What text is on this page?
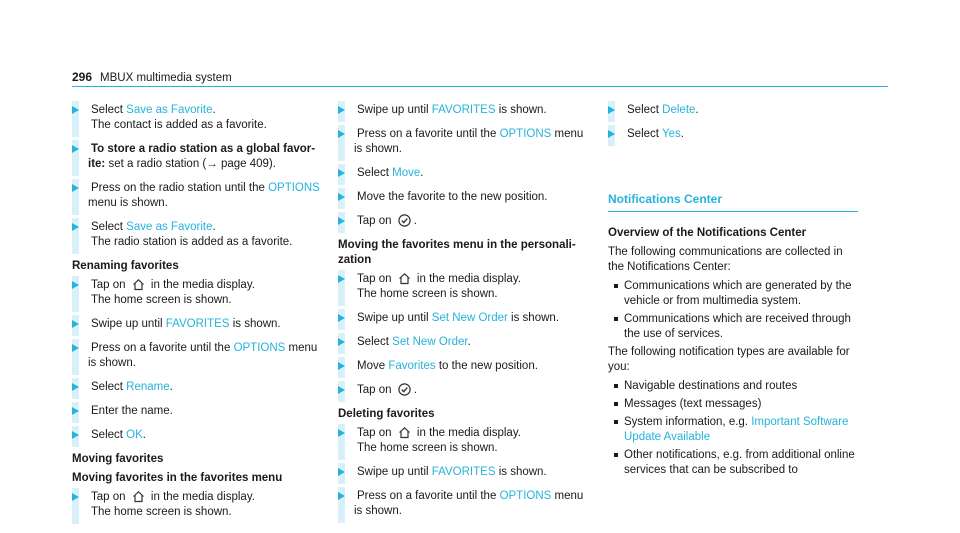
296 MBUX multimedia system
Select Save as Favorite.
The contact is added as a favorite.
To store a radio station as a global favor- ite: set a radio station (→ page 409).
Press on the radio station until the OPTIONS menu is shown.
Select Save as Favorite.
The radio station is added as a favorite.
Renaming favorites
Tap on  in the media display.
The home screen is shown.
Swipe up until FAVORITES is shown.
Press on a favorite until the OPTIONS menu is shown.
Select Rename.
Enter the name.
Select OK.
Moving favorites
Moving favorites in the favorites menu
Tap on  in the media display.
The home screen is shown.
Swipe up until FAVORITES is shown.
Press on a favorite until the OPTIONS menu is shown.
Select Move.
Move the favorite to the new position.
Tap on .
Moving the favorites menu in the personali- zation
Tap on  in the media display.
The home screen is shown.
Swipe up until Set New Order is shown.
Select Set New Order.
Move Favorites to the new position.
Tap on .
Deleting favorites
Tap on  in the media display.
The home screen is shown.
Swipe up until FAVORITES is shown.
Press on a favorite until the OPTIONS menu is shown.
Select Delete.
Select Yes.
Notifications Center
Overview of the Notifications Center
The following communications are collected in the Notifications Center:
Communications which are generated by the vehicle or from multimedia system.
Communications which are received through the use of services.
The following notification types are available for you:
Navigable destinations and routes
Messages (text messages)
System information, e.g. Important Software Update Available
Other notifications, e.g. from additional online services that can be subscribed to
